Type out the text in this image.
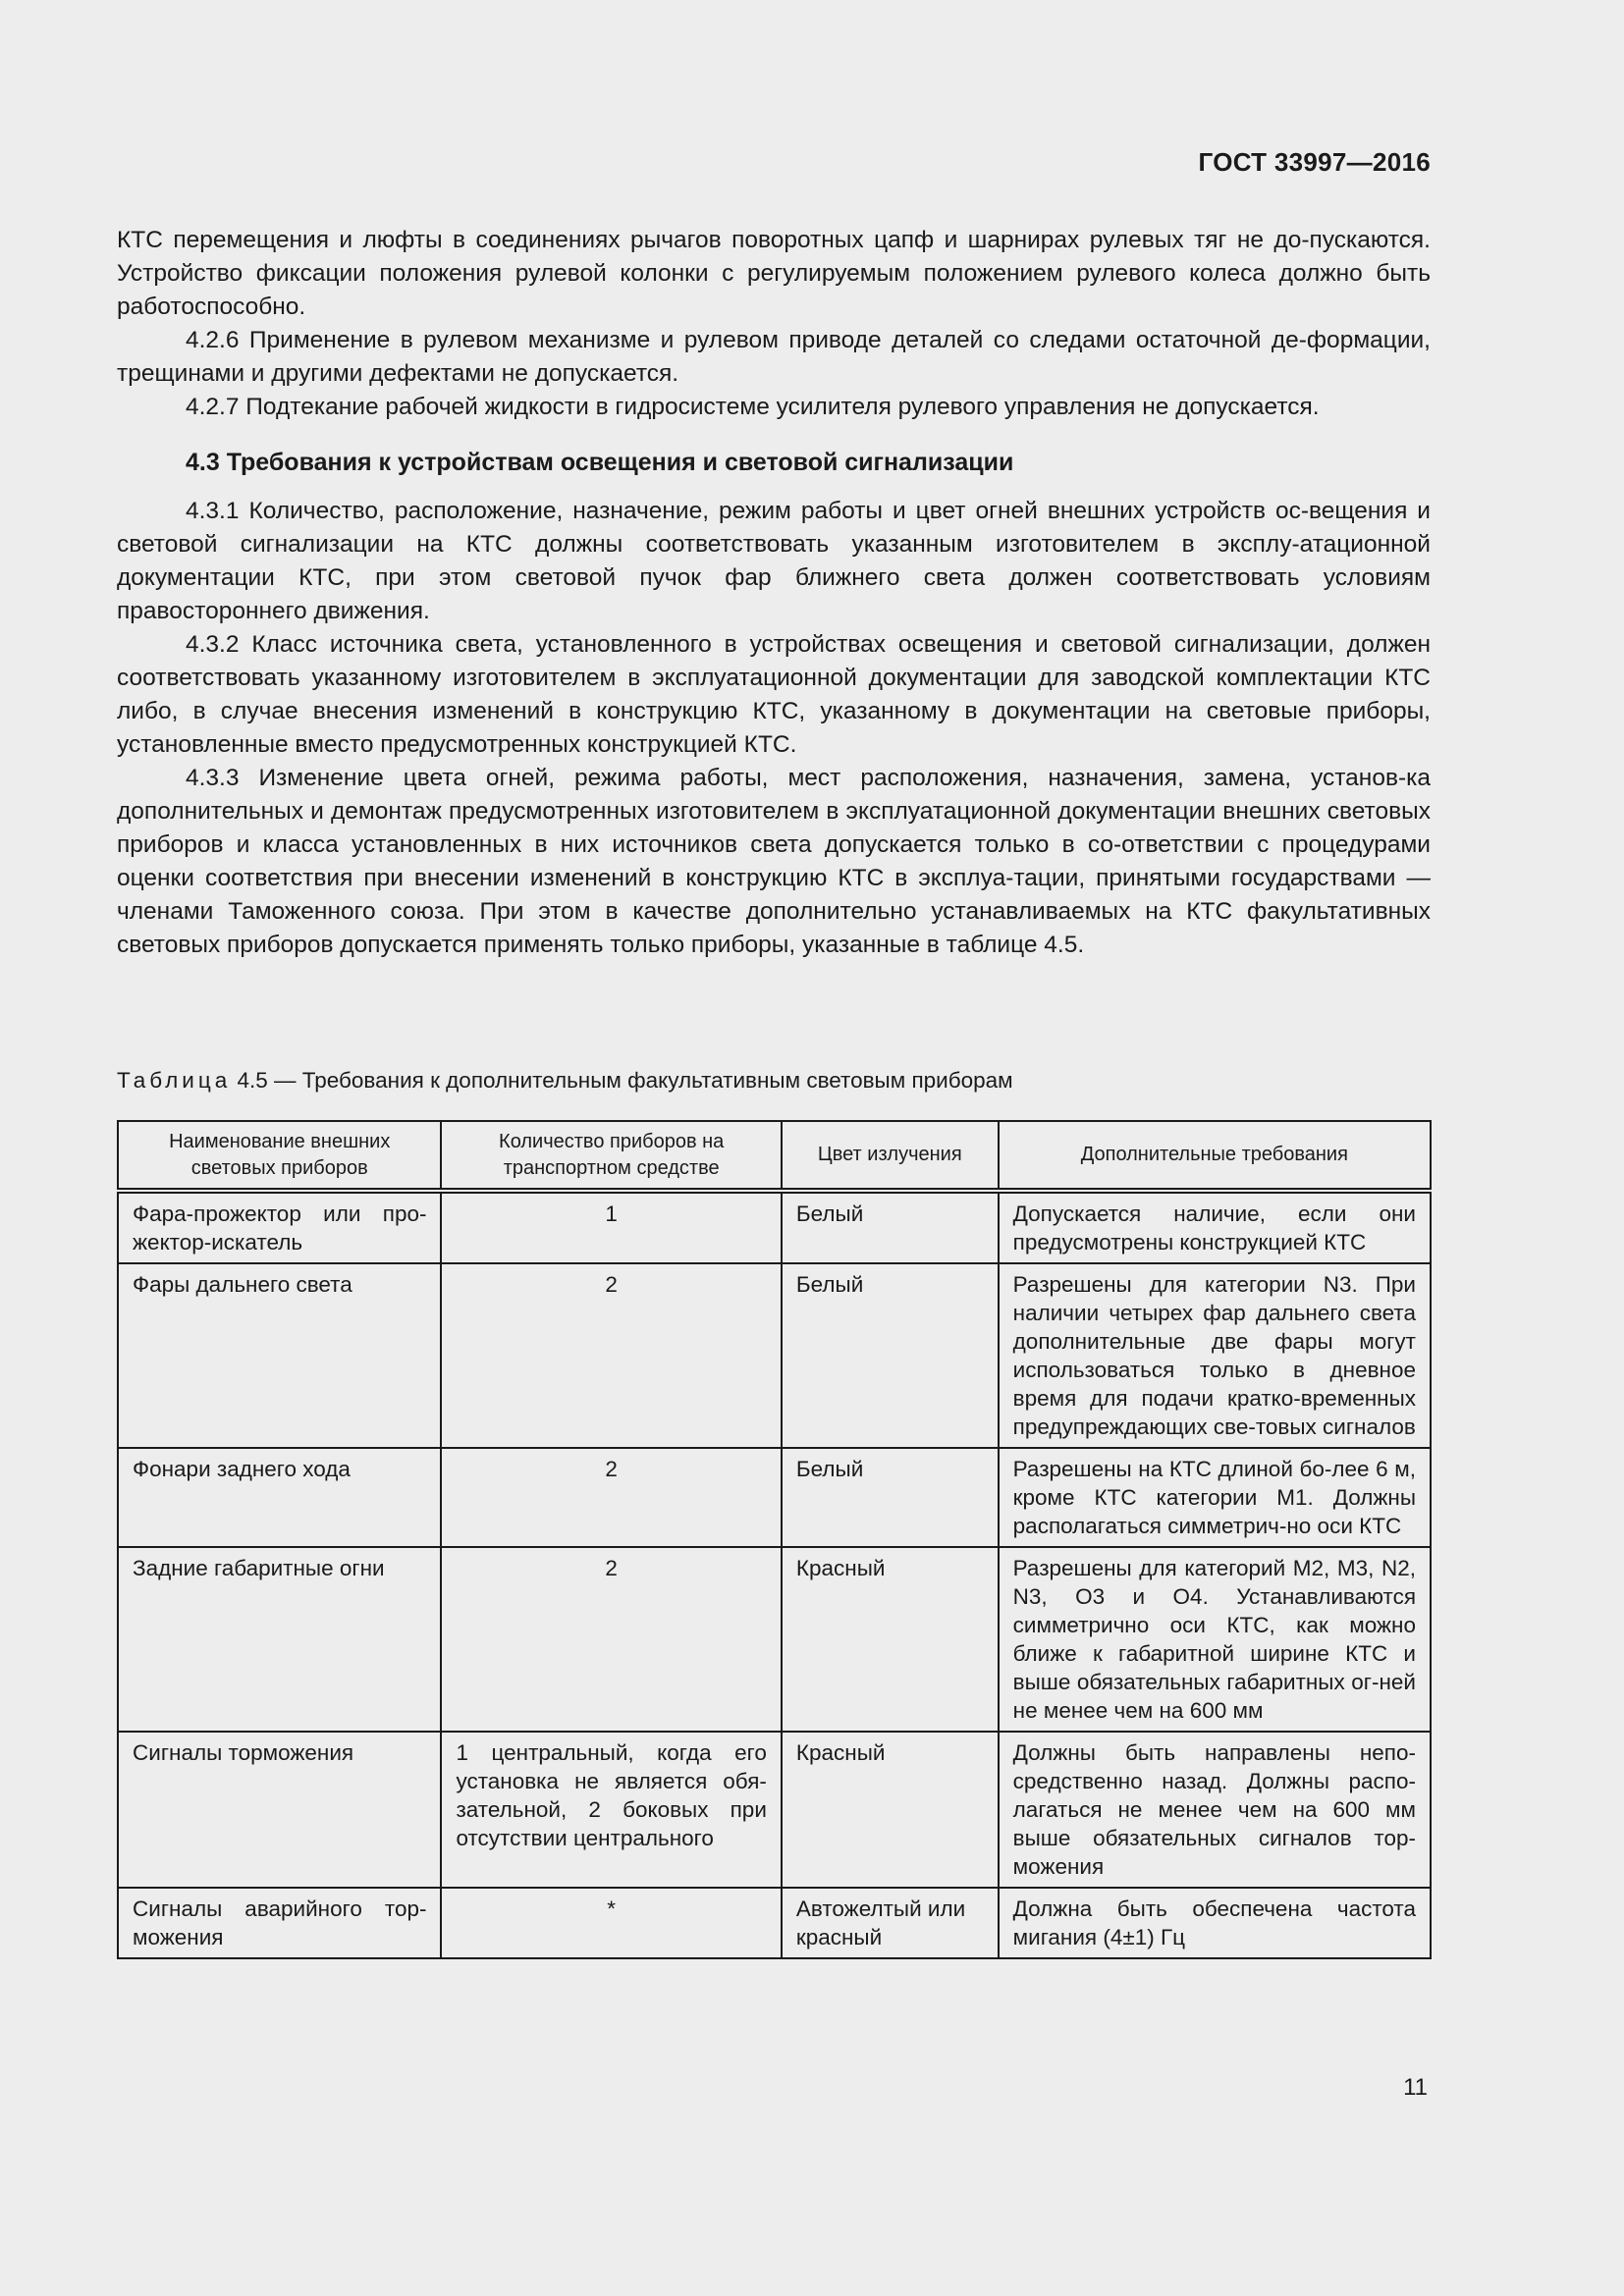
ГОСТ 33997—2016

КТС перемещения и люфты в соединениях рычагов поворотных цапф и шарнирах рулевых тяг не до-пускаются. Устройство фиксации положения рулевой колонки с регулируемым положением рулевого колеса должно быть работоспособно.

4.2.6 Применение в рулевом механизме и рулевом приводе деталей со следами остаточной де-формации, трещинами и другими дефектами не допускается.

4.2.7 Подтекание рабочей жидкости в гидросистеме усилителя рулевого управления не допускается.

4.3 Требования к устройствам освещения и световой сигнализации

4.3.1 Количество, расположение, назначение, режим работы и цвет огней внешних устройств ос-вещения и световой сигнализации на КТС должны соответствовать указанным изготовителем в эксплу-атационной документации КТС, при этом световой пучок фар ближнего света должен соответствовать условиям правостороннего движения.

4.3.2 Класс источника света, установленного в устройствах освещения и световой сигнализации, должен соответствовать указанному изготовителем в эксплуатационной документации для заводской комплектации КТС либо, в случае внесения изменений в конструкцию КТС, указанному в документации на световые приборы, установленные вместо предусмотренных конструкцией КТС.

4.3.3 Изменение цвета огней, режима работы, мест расположения, назначения, замена, установ-ка дополнительных и демонтаж предусмотренных изготовителем в эксплуатационной документации внешних световых приборов и класса установленных в них источников света допускается только в со-ответствии с процедурами оценки соответствия при внесении изменений в конструкцию КТС в эксплуа-тации, принятыми государствами — членами Таможенного союза. При этом в качестве дополнительно устанавливаемых на КТС факультативных световых приборов допускается применять только приборы, указанные в таблице 4.5.

Таблица 4.5 — Требования к дополнительным факультативным световым приборам
Наименование внешних световых приборов	Количество приборов на транспортном средстве	Цвет излучения	Дополнительные требования
Фара-прожектор или про-жектор-искатель	1	Белый	Допускается наличие, если они предусмотрены конструкцией КТС
Фары дальнего света	2	Белый	Разрешены для категории N3. При наличии четырех фар дальнего света дополнительные две фары могут использоваться только в дневное время для подачи кратко-временных предупреждающих све-товых сигналов
Фонари заднего хода	2	Белый	Разрешены на КТС длиной бо-лее 6 м, кроме КТС категории M1. Должны располагаться симметрич-но оси КТС
Задние габаритные огни	2	Красный	Разрешены для категорий M2, M3, N2, N3, O3 и O4. Устанавливаются симметрично оси КТС, как можно ближе к габаритной ширине КТС и выше обязательных габаритных ог-ней не менее чем на 600 мм
Сигналы торможения	1 центральный, когда его установка не является обя-зательной, 2 боковых при отсутствии центрального	Красный	Должны быть направлены непо-средственно назад. Должны распо-лагаться не менее чем на 600 мм выше обязательных сигналов тор-можения
Сигналы аварийного тор-можения	*	Автожелтый или красный	Должна быть обеспечена частота мигания (4±1) Гц
11
